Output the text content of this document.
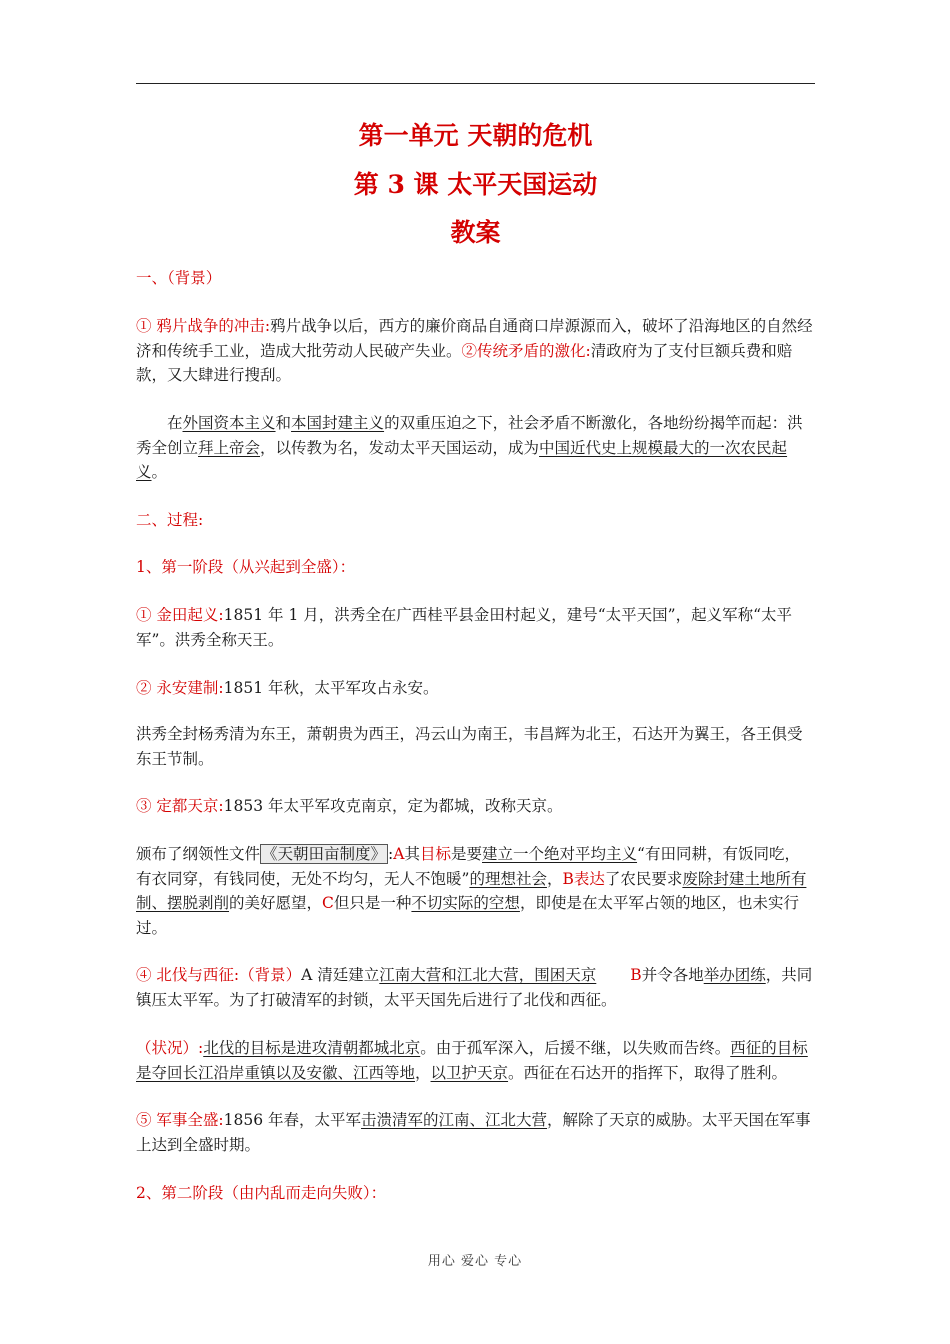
第一单元 天朝的危机
第 3 课 太平天国运动
教案

一、（背景）

① 鸦片战争的冲击:鸦片战争以后，西方的廉价商品自通商口岸源源而入，破坏了沿海地区的自然经济和传统手工业，造成大批劳动人民破产失业。②传统矛盾的激化:清政府为了支付巨额兵费和赔款，又大肆进行搜刮。

在外国资本主义和本国封建主义的双重压迫之下，社会矛盾不断激化，各地纷纷揭竿而起：洪秀全创立拜上帝会，以传教为名，发动太平天国运动，成为中国近代史上规模最大的一次农民起义。

二、过程:

1、第一阶段（从兴起到全盛）：

① 金田起义:1851 年 1 月，洪秀全在广西桂平县金田村起义，建号“太平天国”，起义军称“太平军”。洪秀全称天王。

② 永安建制:1851 年秋，太平军攻占永安。

洪秀全封杨秀清为东王，萧朝贵为西王，冯云山为南王，韦昌辉为北王，石达开为翼王，各王俱受东王节制。

③ 定都天京:1853 年太平军攻克南京，定为都城，改称天京。

颁布了纲领性文件 《天朝田亩制度》 :A其目标是要建立一个绝对平均主义“有田同耕，有饭同吃，有衣同穿，有钱同使，无处不均匀，无人不饱暖”的理想社会，B表达了农民要求废除封建土地所有制、摆脱剥削的美好愿望，C但只是一种不切实际的空想，即使是在太平军占领的地区，也未实行过。

④ 北伐与西征:（背景）A 清廷建立江南大营和江北大营，围困天京 B并令各地举办团练，共同镇压太平军。为了打破清军的封锁，太平天国先后进行了北伐和西征。

（状况）:北伐的目标是进攻清朝都城北京。由于孤军深入，后援不继，以失败而告终。西征的目标是夺回长江沿岸重镇以及安徽、江西等地，以卫护天京。西征在石达开的指挥下，取得了胜利。

⑤ 军事全盛:1856 年春，太平军击溃清军的江南、江北大营，解除了天京的威胁。太平天国在军事上达到全盛时期。

2、第二阶段（由内乱而走向失败）：

用心 爱心 专心
